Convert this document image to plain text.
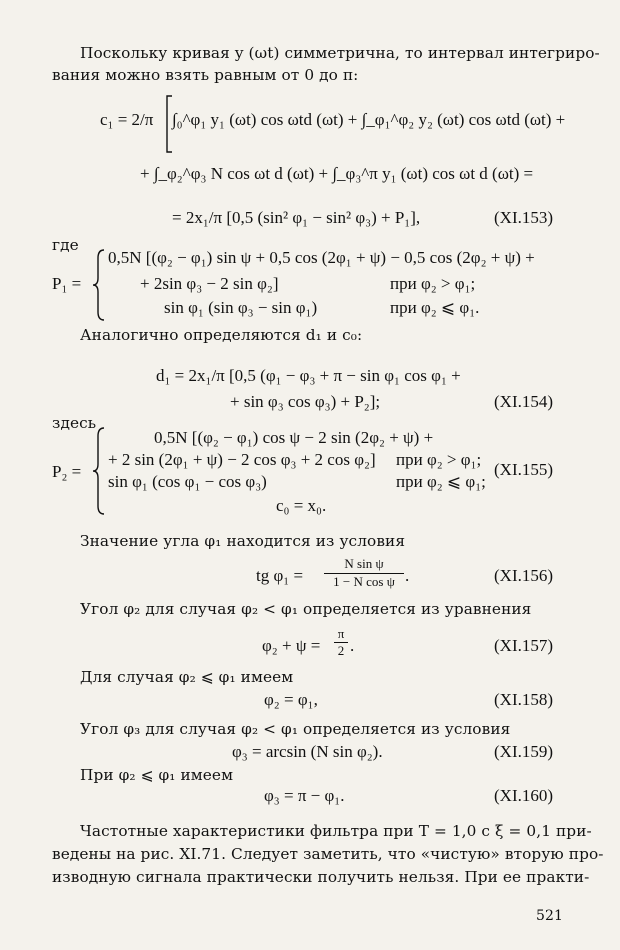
Поскольку кривая y (ωt) симметрична, то интервал интегриро-
вания можно взять равным от 0 до π:
c₁ = 2/π ∫₀^φ₁ y₁ (ωt) cos ωtd (ωt) + ∫_φ₁^φ₂ y₂ (ωt) cos ωtd (ωt) +
+ ∫_φ₂^φ₃ N cos ωt d (ωt) + ∫_φ₃^π y₁ (ωt) cos ωt d (ωt) =
= 2x₁/π [0,5 (sin² φ₁ − sin² φ₃) + P₁],	(XI.153)
где
P₁ =
0,5N [(φ₂ − φ₁) sin ψ + 0,5 cos (2φ₁ + ψ) − 0,5 cos (2φ₂ + ψ) +
+ 2sin φ₃ − 2 sin φ₂]	при φ₂ > φ₁;
sin φ₁ (sin φ₃ − sin φ₁)	при φ₂ ⩽ φ₁.
Аналогично определяются d₁ и c₀:
d₁ = 2x₁/π [0,5 (φ₁ − φ₃ + π − sin φ₁ cos φ₁ +
+ sin φ₃ cos φ₃) + P₂];	(XI.154)
здесь
P₂ =
0,5N [(φ₂ − φ₁) cos ψ − 2 sin (2φ₂ + ψ) +
+ 2 sin (2φ₁ + ψ) − 2 cos φ₃ + 2 cos φ₂] при φ₂ > φ₁;
sin φ₁ (cos φ₁ − cos φ₃)	при φ₂ ⩽ φ₁;
(XI.155)
c₀ = x₀.
Значение угла φ₁ находится из условия
tg $\varphi_1 = \frac{\text{N sin ψ}}{\text{1 − N cos ψ}}$ .	(XI.156)
Угол φ₂ для случая φ₂ < φ₁ определяется из уравнения
$\varphi_2 + \psi = \frac{\pi}{2}$ .	(XI.157)
Для случая φ₂ ⩽ φ₁ имеем
φ₂ = φ₁,	(XI.158)
Угол φ₃ для случая φ₂ < φ₁ определяется из условия
φ₃ = arcsin (N sin φ₂).	(XI.159)
При φ₂ ⩽ φ₁ имеем
φ₃ = π − φ₁.	(XI.160)
Частотные характеристики фильтра при T = 1,0 с ξ = 0,1 при-
ведены на рис. XI.71. Следует заметить, что «чистую» вторую про-
изводную сигнала практически получить нельзя. При ее практи-
521
